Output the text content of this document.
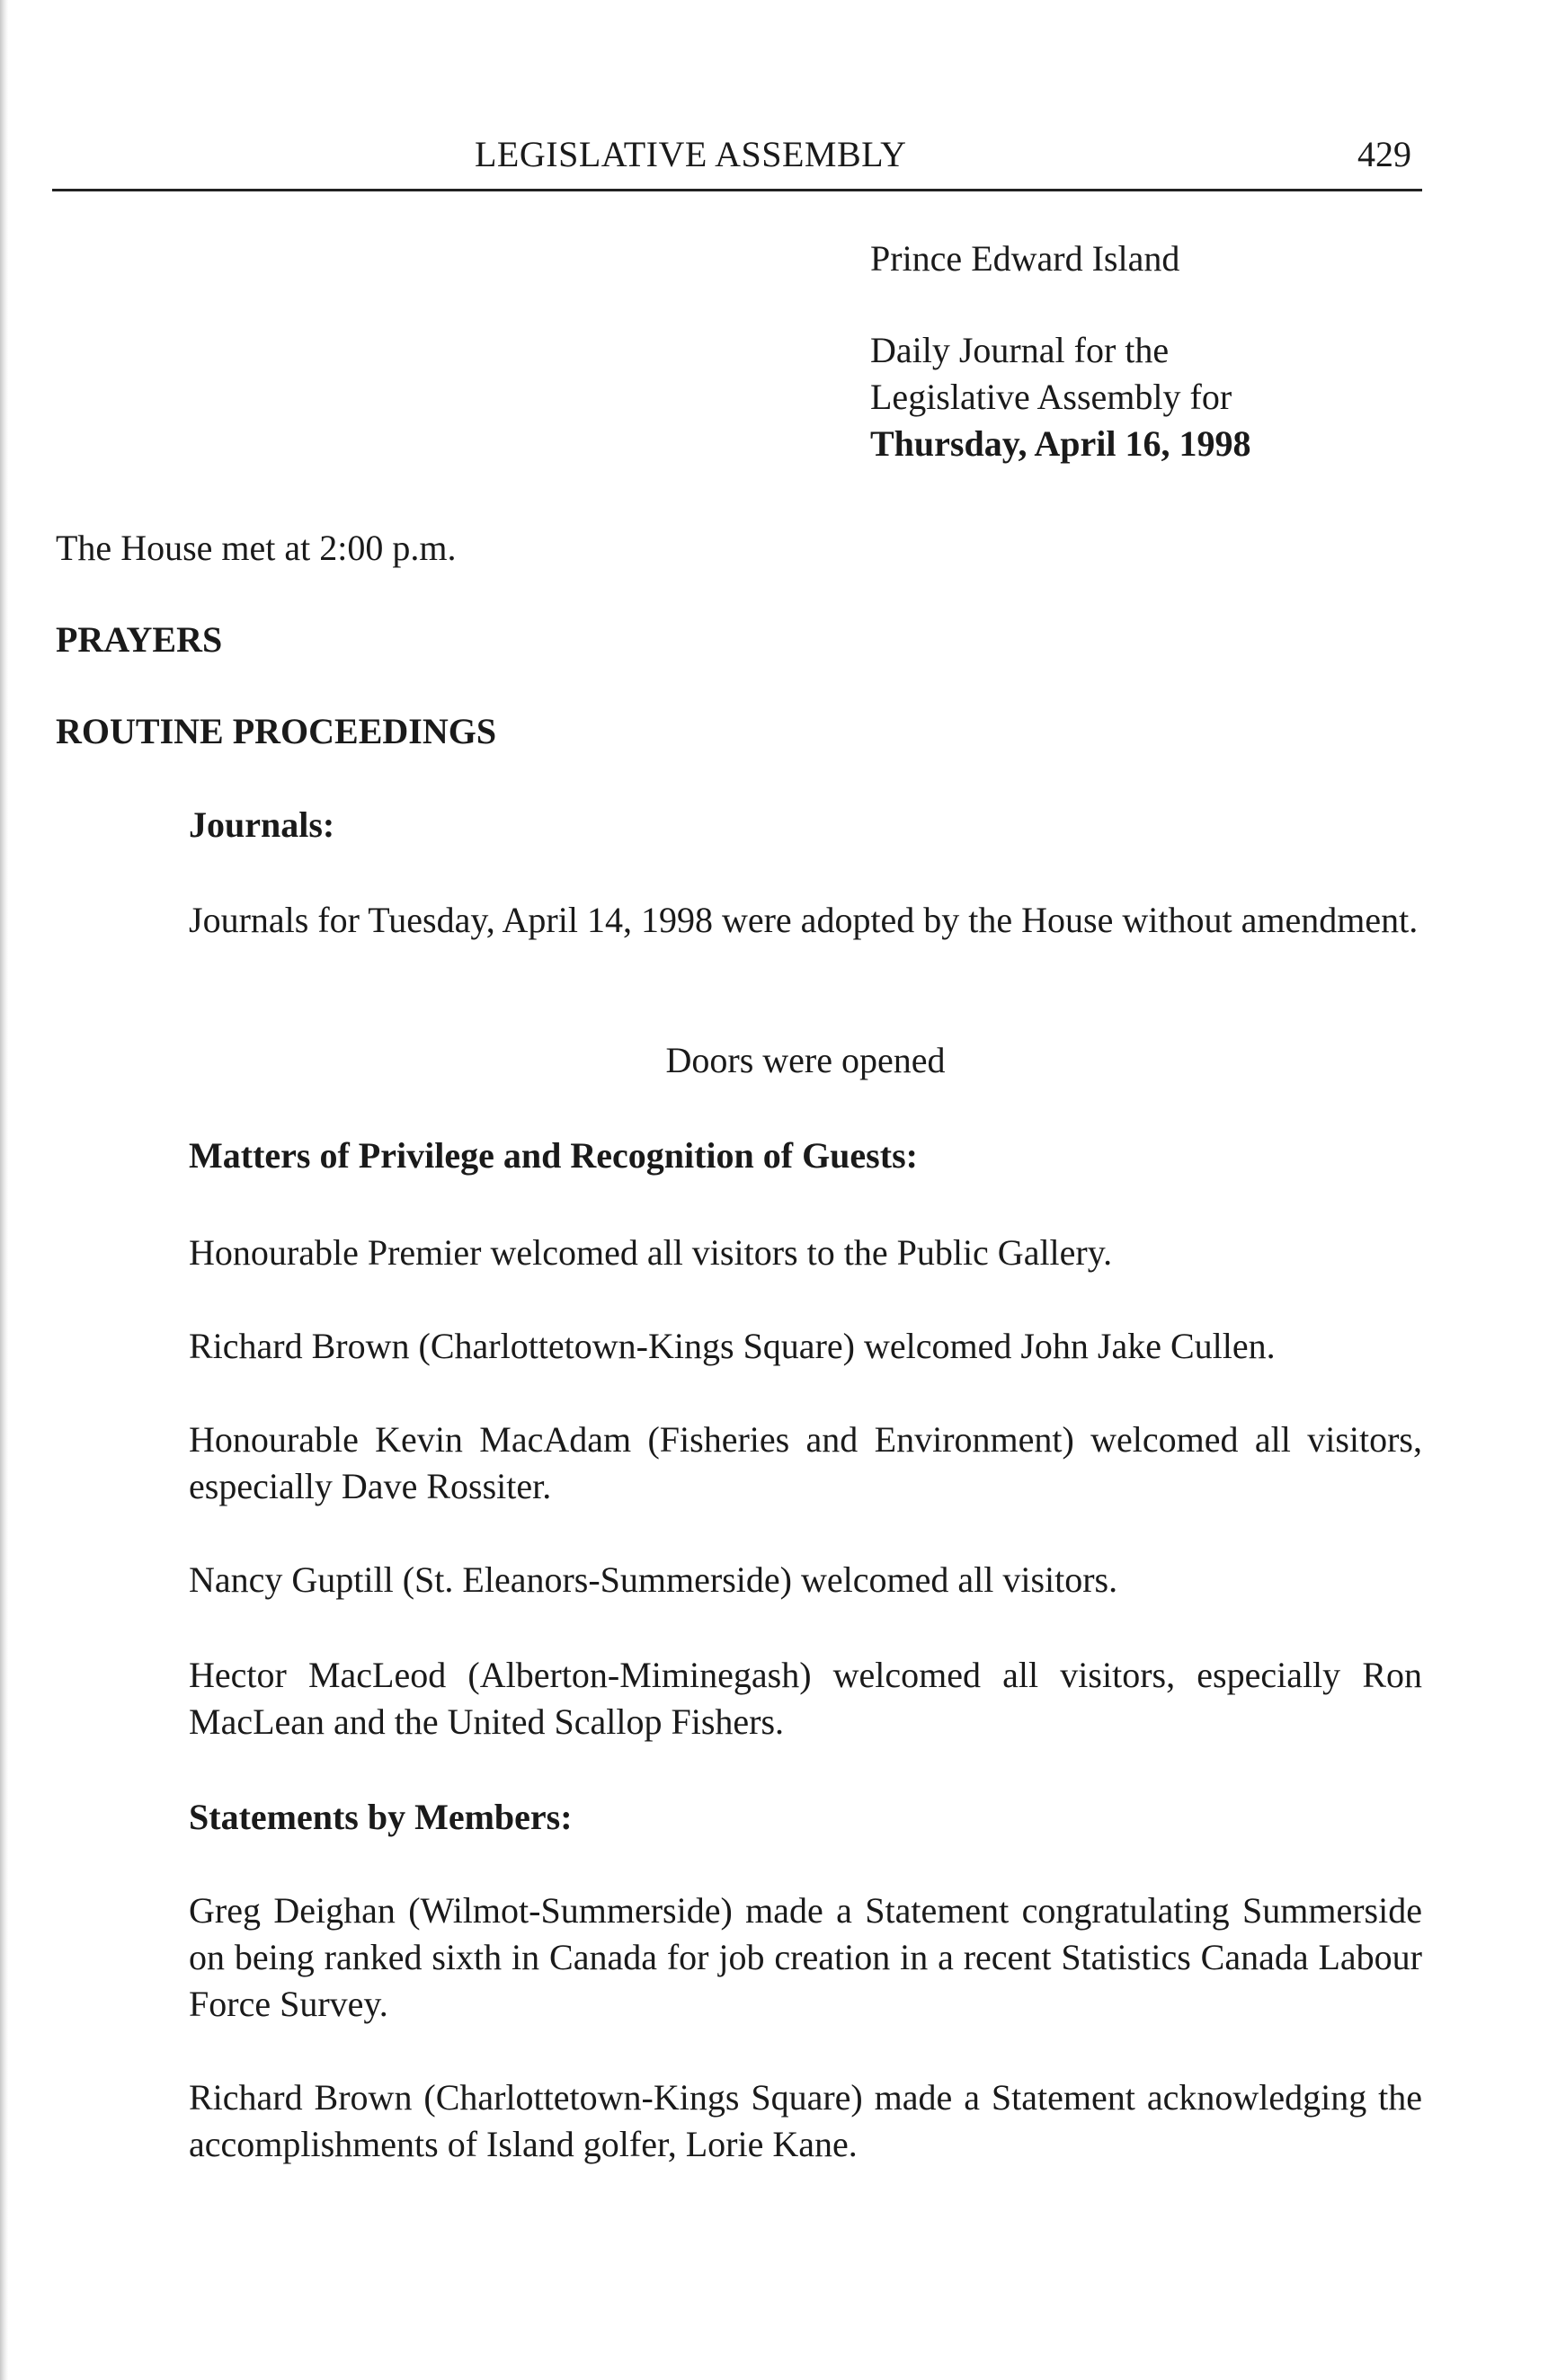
LEGISLATIVE ASSEMBLY	429
Prince Edward Island
Daily Journal for the
Legislative Assembly for
Thursday, April 16, 1998
The House met at 2:00 p.m.
PRAYERS
ROUTINE PROCEEDINGS
Journals:
Journals for Tuesday, April 14, 1998 were adopted by the House without amendment.
Doors were opened
Matters of Privilege and Recognition of Guests:
Honourable Premier welcomed all visitors to the Public Gallery.
Richard Brown (Charlottetown-Kings Square) welcomed John Jake Cullen.
Honourable Kevin MacAdam (Fisheries and Environment) welcomed all visitors, especially Dave Rossiter.
Nancy Guptill (St. Eleanors-Summerside) welcomed all visitors.
Hector MacLeod (Alberton-Miminegash) welcomed all visitors, especially Ron MacLean and the United Scallop Fishers.
Statements by Members:
Greg Deighan (Wilmot-Summerside) made a Statement congratulating Summerside on being ranked sixth in Canada for job creation in a recent Statistics Canada Labour Force Survey.
Richard Brown (Charlottetown-Kings Square) made a Statement acknowledging the accomplishments of Island golfer, Lorie Kane.
